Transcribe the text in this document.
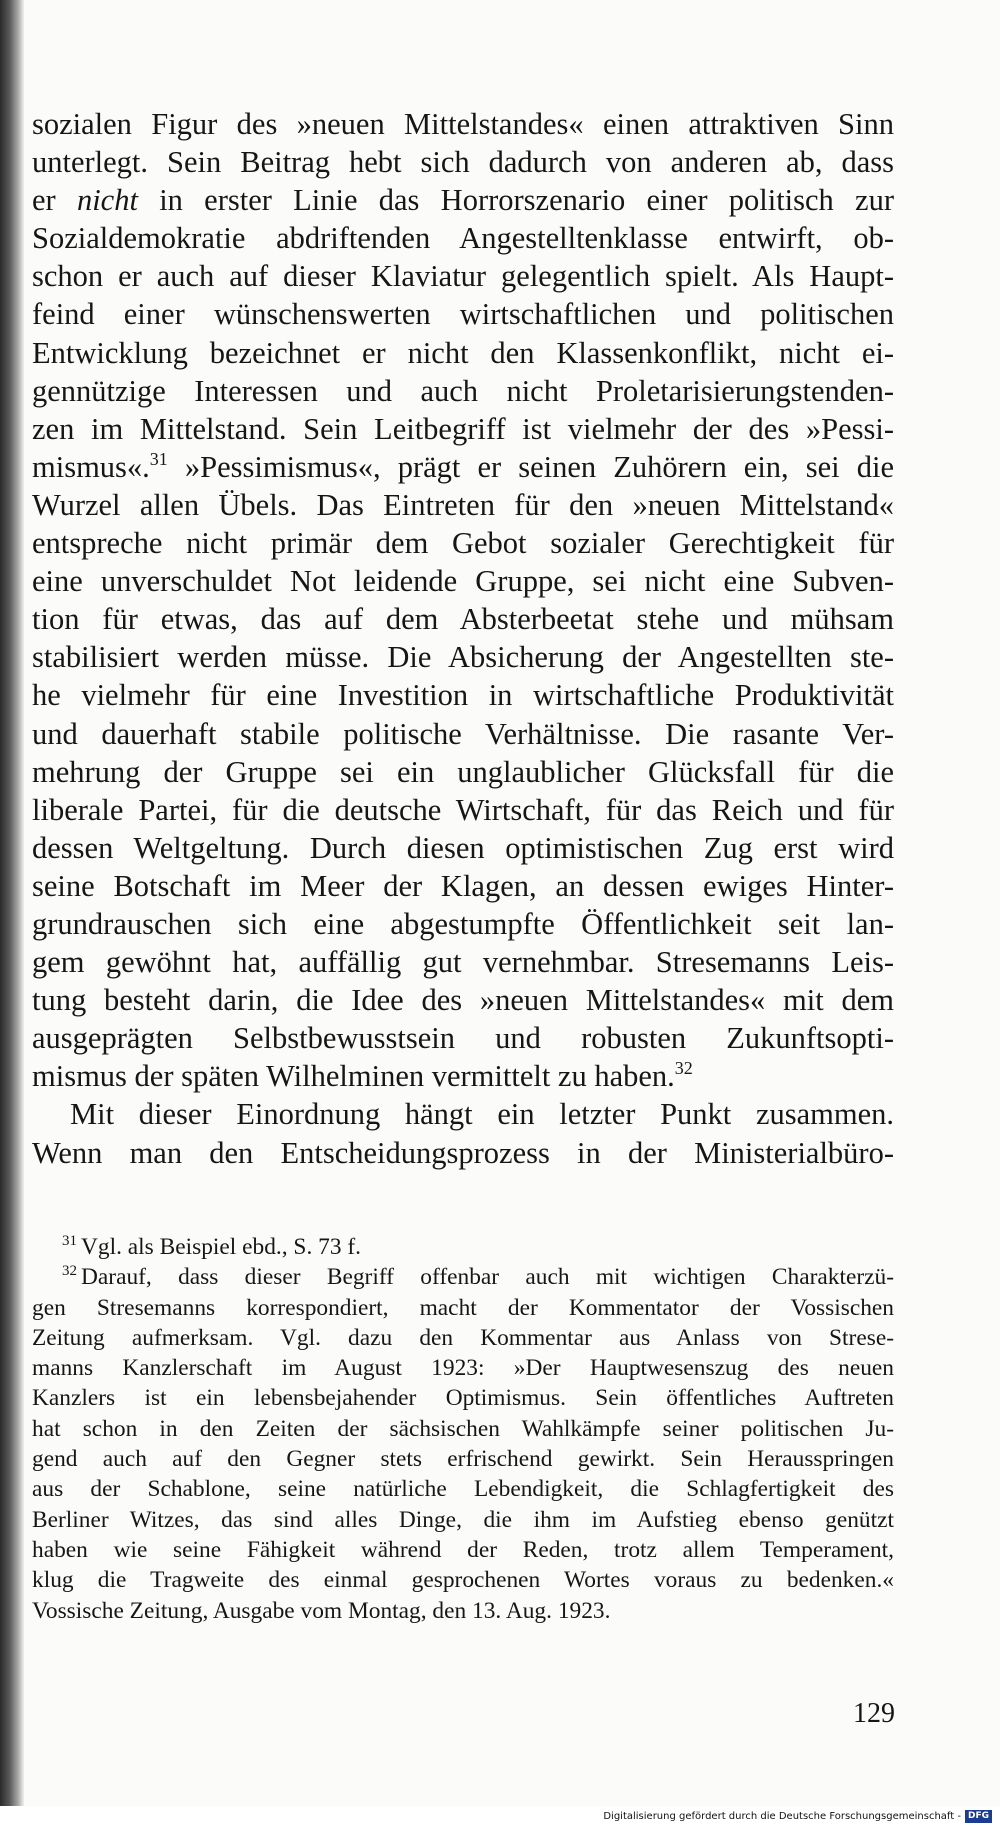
sozialen Figur des »neuen Mittelstandes« einen attraktiven Sinn
unterlegt. Sein Beitrag hebt sich dadurch von anderen ab, dass
er nicht in erster Linie das Horrorszenario einer politisch zur
Sozialdemokratie abdriftenden Angestelltenklasse entwirft, ob-
schon er auch auf dieser Klaviatur gelegentlich spielt. Als Haupt-
feind einer wünschenswerten wirtschaftlichen und politischen
Entwicklung bezeichnet er nicht den Klassenkonflikt, nicht ei-
gennützige Interessen und auch nicht Proletarisierungstenden-
zen im Mittelstand. Sein Leitbegriff ist vielmehr der des »Pessi-
mismus«.$^{31}$ »Pessimismus«, prägt er seinen Zuhörern ein, sei die
Wurzel allen Übels. Das Eintreten für den »neuen Mittelstand«
entspreche nicht primär dem Gebot sozialer Gerechtigkeit für
eine unverschuldet Not leidende Gruppe, sei nicht eine Subven-
tion für etwas, das auf dem Absterbeetat stehe und mühsam
stabilisiert werden müsse. Die Absicherung der Angestellten ste-
he vielmehr für eine Investition in wirtschaftliche Produktivität
und dauerhaft stabile politische Verhältnisse. Die rasante Ver-
mehrung der Gruppe sei ein unglaublicher Glücksfall für die
liberale Partei, für die deutsche Wirtschaft, für das Reich und für
dessen Weltgeltung. Durch diesen optimistischen Zug erst wird
seine Botschaft im Meer der Klagen, an dessen ewiges Hinter-
grundrauschen sich eine abgestumpfte Öffentlichkeit seit lan-
gem gewöhnt hat, auffällig gut vernehmbar. Stresemanns Leis-
tung besteht darin, die Idee des »neuen Mittelstandes« mit dem
ausgeprägten Selbstbewusstsein und robusten Zukunftsopti-
mismus der späten Wilhelminen vermittelt zu haben.$^{32}$

Mit dieser Einordnung hängt ein letzter Punkt zusammen.
Wenn man den Entscheidungsprozess in der Ministerialbüro-

$^{31}$ Vgl. als Beispiel ebd., S. 73 f.
$^{32}$ Darauf, dass dieser Begriff offenbar auch mit wichtigen Charakterzü-
gen Stresemanns korrespondiert, macht der Kommentator der Vossischen
Zeitung aufmerksam. Vgl. dazu den Kommentar aus Anlass von Strese-
manns Kanzlerschaft im August 1923: »Der Hauptwesenszug des neuen
Kanzlers ist ein lebensbejahender Optimismus. Sein öffentliches Auftreten
hat schon in den Zeiten der sächsischen Wahlkämpfe seiner politischen Ju-
gend auch auf den Gegner stets erfrischend gewirkt. Sein Herausspringen
aus der Schablone, seine natürliche Lebendigkeit, die Schlagfertigkeit des
Berliner Witzes, das sind alles Dinge, die ihm im Aufstieg ebenso genützt
haben wie seine Fähigkeit während der Reden, trotz allem Temperament,
klug die Tragweite des einmal gesprochenen Wortes voraus zu bedenken.«
Vossische Zeitung, Ausgabe vom Montag, den 13. Aug. 1923.
129
Digitalisierung gefördert durch die Deutsche Forschungsgemeinschaft - DFG
